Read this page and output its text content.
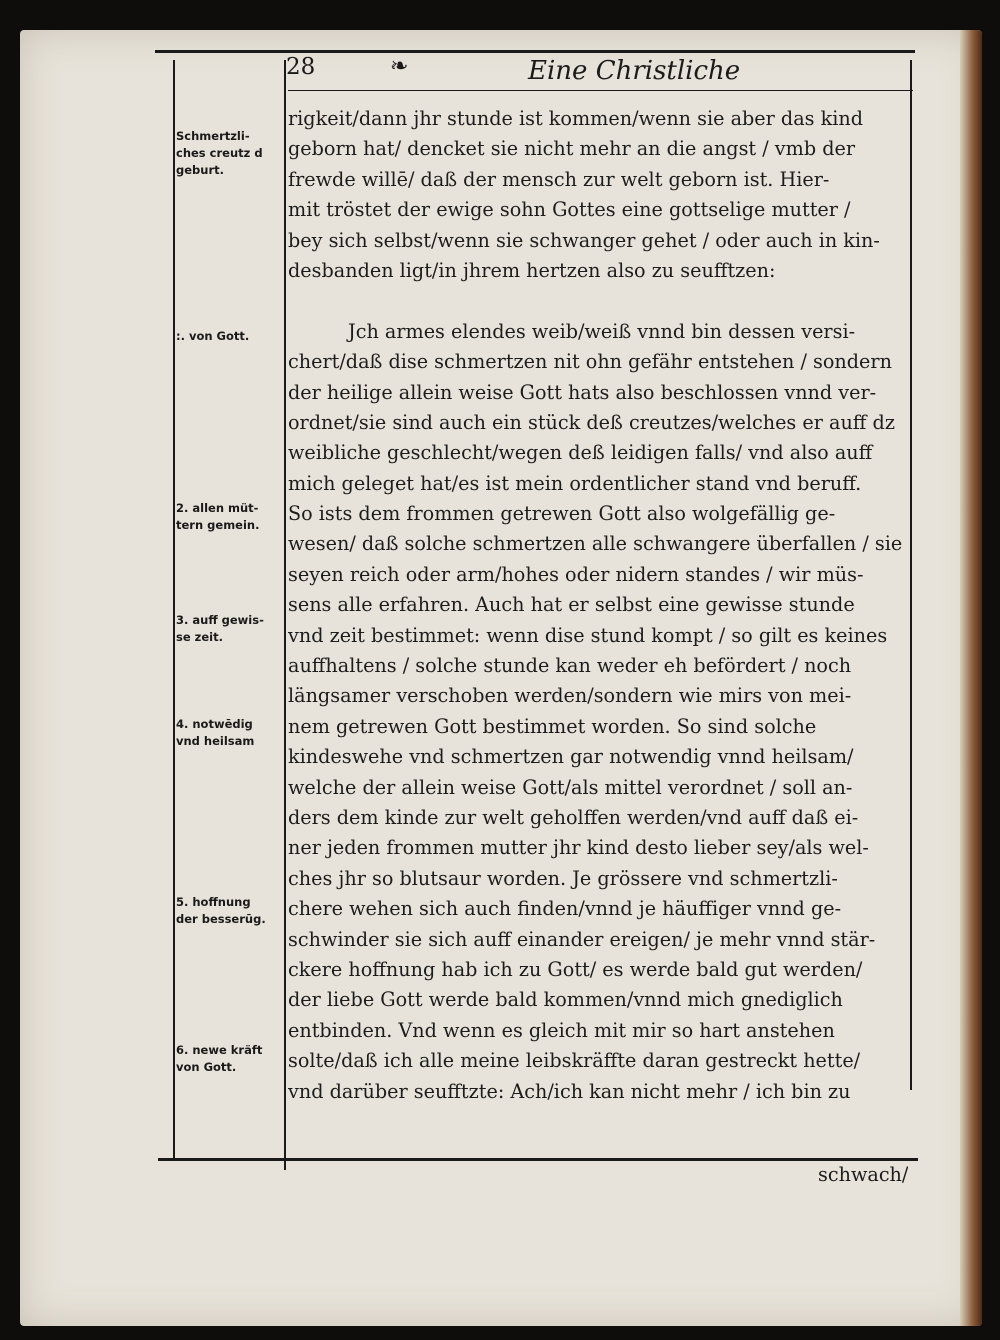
28	❧	Eine Christliche
Schmertzli-
ches creutz d
geburt.
:. von Gott.
2. allen müt-
tern gemein.
3. auff gewis-
se zeit.
4. notwēdig
vnd heilsam
5. hoffnung
der besserūg.
6. newe kräft
von Gott.
rigkeit/dann jhr stunde ist kommen/wenn sie aber das kind
geborn hat/ dencket sie nicht mehr an die angst / vmb der
frewde willē/ daß der mensch zur welt geborn ist. Hier-
mit tröstet der ewige sohn Gottes eine gottselige mutter /
bey sich selbst/wenn sie schwanger gehet / oder auch in kin-
desbanden ligt/in jhrem hertzen also zu seufftzen:
Jch armes elendes weib/weiß vnnd bin dessen versi-
chert/daß dise schmertzen nit ohn gefähr entstehen / sondern
der heilige allein weise Gott hats also beschlossen vnnd ver-
ordnet/sie sind auch ein stück deß creutzes/welches er auff dz
weibliche geschlecht/wegen deß leidigen falls/ vnd also auff
mich geleget hat/es ist mein ordentlicher stand vnd beruff.
So ists dem frommen getrewen Gott also wolgefällig ge-
wesen/ daß solche schmertzen alle schwangere überfallen / sie
seyen reich oder arm/hohes oder nidern standes / wir müs-
sens alle erfahren. Auch hat er selbst eine gewisse stunde
vnd zeit bestimmet: wenn dise stund kompt / so gilt es keines
auffhaltens / solche stunde kan weder eh befördert / noch
längsamer verschoben werden/sondern wie mirs von mei-
nem getrewen Gott bestimmet worden. So sind solche
kindeswehe vnd schmertzen gar notwendig vnnd heilsam/
welche der allein weise Gott/als mittel verordnet / soll an-
ders dem kinde zur welt geholffen werden/vnd auff daß ei-
ner jeden frommen mutter jhr kind desto lieber sey/als wel-
ches jhr so blutsaur worden. Je grössere vnd schmertzli-
chere wehen sich auch finden/vnnd je häuffiger vnnd ge-
schwinder sie sich auff einander ereigen/ je mehr vnnd stär-
ckere hoffnung hab ich zu Gott/ es werde bald gut werden/
der liebe Gott werde bald kommen/vnnd mich gnediglich
entbinden. Vnd wenn es gleich mit mir so hart anstehen
solte/daß ich alle meine leibskräffte daran gestreckt hette/
vnd darüber seufftzte: Ach/ich kan nicht mehr / ich bin zu
schwach/
